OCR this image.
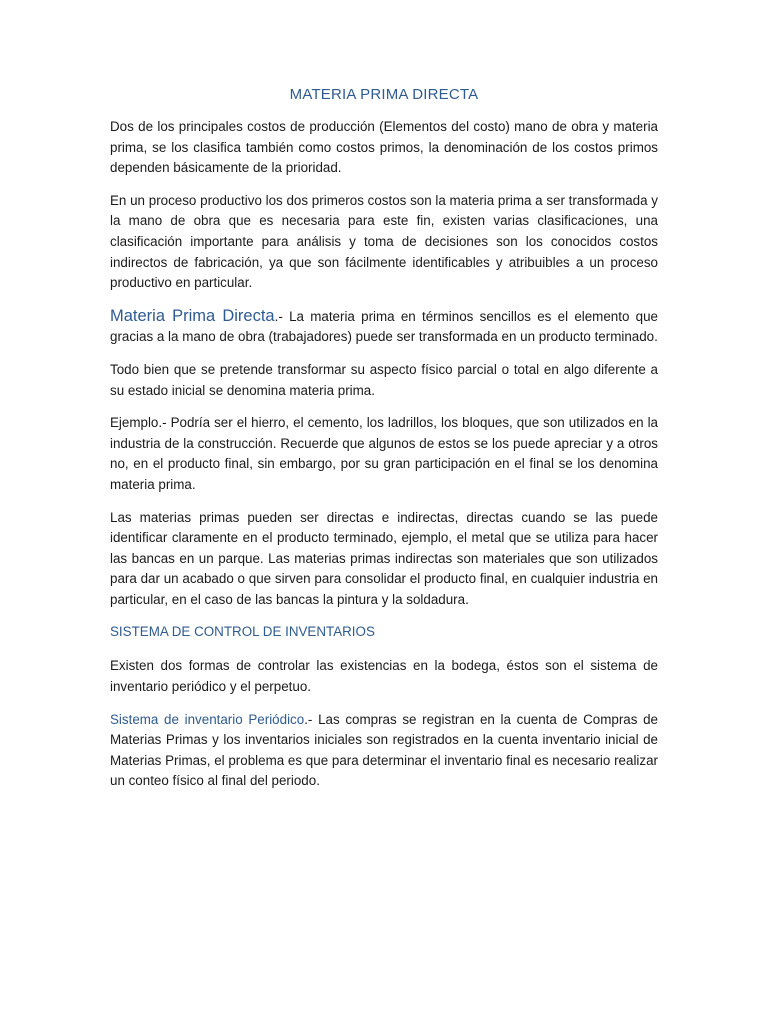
MATERIA PRIMA DIRECTA

Dos de los principales costos de producción (Elementos del costo) mano de obra y materia prima, se los clasifica también como costos primos, la denominación de los costos primos dependen básicamente de la prioridad.

En un proceso productivo los dos primeros costos son la materia prima a ser transformada y la mano de obra que es necesaria para este fin, existen varias clasificaciones, una clasificación importante para análisis y toma de decisiones son los conocidos costos indirectos de fabricación, ya que son fácilmente identificables y atribuibles a un proceso productivo en particular.

Materia Prima Directa.- La materia prima en términos sencillos es el elemento que gracias a la mano de obra (trabajadores) puede ser transformada en un producto terminado.

Todo bien que se pretende transformar su aspecto físico parcial o total en algo diferente a su estado inicial se denomina materia prima.

Ejemplo.- Podría ser el hierro, el cemento, los ladrillos, los bloques, que son utilizados en la industria de la construcción. Recuerde que algunos de estos se los puede apreciar y a otros no, en el producto final, sin embargo, por su gran participación en el final se los denomina materia prima.

Las materias primas pueden ser directas e indirectas, directas cuando se las puede identificar claramente en el producto terminado, ejemplo, el metal que se utiliza para hacer las bancas en un parque. Las materias primas indirectas son materiales que son utilizados para dar un acabado o que sirven para consolidar el producto final, en cualquier industria en particular, en el caso de las bancas la pintura y la soldadura.

SISTEMA DE CONTROL DE INVENTARIOS

Existen dos formas de controlar las existencias en la bodega, éstos son el sistema de inventario periódico y el perpetuo.

Sistema de inventario Periódico.- Las compras se registran en la cuenta de Compras de Materias Primas y los inventarios iniciales son registrados en la cuenta inventario inicial de Materias Primas, el problema es que para determinar el inventario final es necesario realizar un conteo físico al final del periodo.
